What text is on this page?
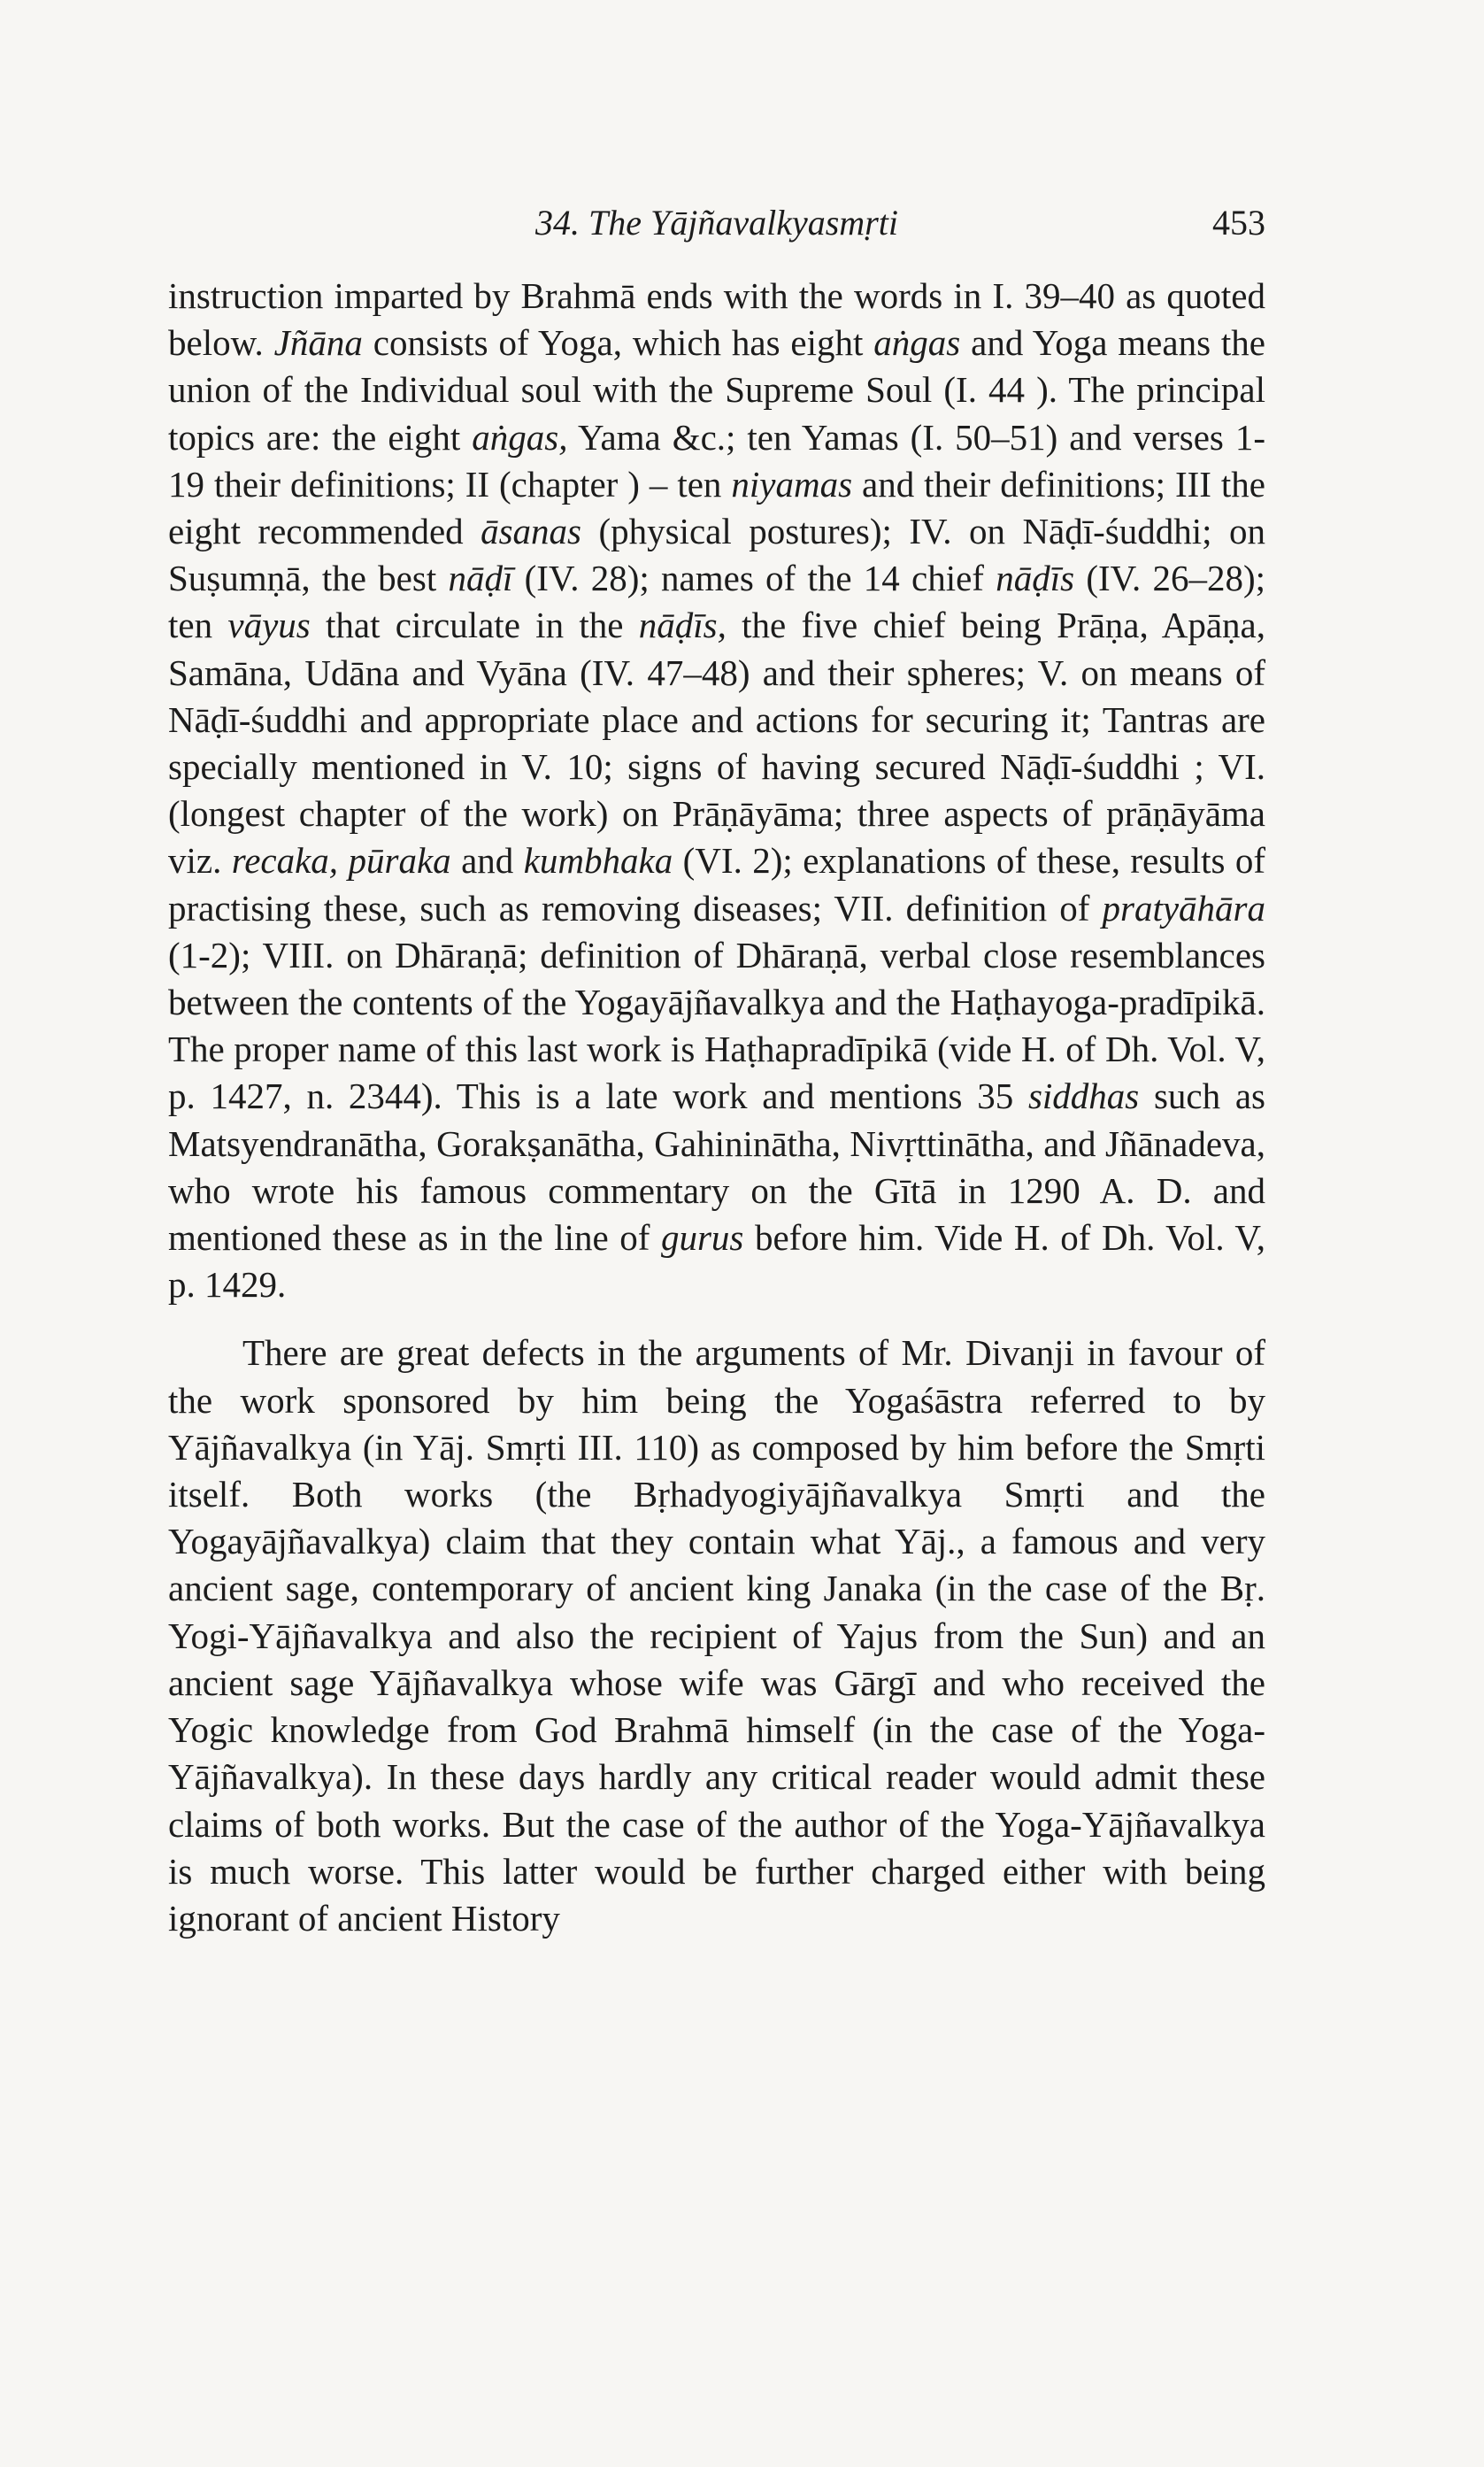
34. The Yājñavalkyasmṛti	453

instruction imparted by Brahmā ends with the words in I. 39–40 as quoted below. Jñāna consists of Yoga, which has eight aṅgas and Yoga means the union of the Individual soul with the Supreme Soul (I. 44 ). The principal topics are: the eight aṅgas, Yama &c.; ten Yamas (I. 50–51) and verses 1-19 their definitions; II (chapter ) – ten niyamas and their definitions; III the eight recommended āsanas (physical postures); IV. on Nāḍī-śuddhi; on Suṣumṇā, the best nāḍī (IV. 28); names of the 14 chief nāḍīs (IV. 26–28); ten vāyus that circulate in the nāḍīs, the five chief being Prāṇa, Apāṇa, Samāna, Udāna and Vyāna (IV. 47–48) and their spheres; V. on means of Nāḍī-śuddhi and appropriate place and actions for securing it; Tantras are specially mentioned in V. 10; signs of having secured Nāḍī-śuddhi ; VI. (longest chapter of the work) on Prāṇāyāma; three aspects of prāṇāyāma viz. recaka, pūraka and kumbhaka (VI. 2); explanations of these, results of practising these, such as removing diseases; VII. definition of pratyāhāra (1-2); VIII. on Dhāraṇā; definition of Dhāraṇā, verbal close resemblances between the contents of the Yogayājñavalkya and the Haṭhayoga-pradīpikā. The proper name of this last work is Haṭhapradīpikā (vide H. of Dh. Vol. V, p. 1427, n. 2344). This is a late work and mentions 35 siddhas such as Matsyendranātha, Gorakṣanātha, Gahininātha, Nivṛttinātha, and Jñānadeva, who wrote his famous commentary on the Gītā in 1290 A. D. and mentioned these as in the line of gurus before him. Vide H. of Dh. Vol. V, p. 1429.

There are great defects in the arguments of Mr. Divanji in favour of the work sponsored by him being the Yogaśāstra referred to by Yājñavalkya (in Yāj. Smṛti III. 110) as composed by him before the Smṛti itself. Both works (the Bṛhadyogiyājñavalkya Smṛti and the Yogayājñavalkya) claim that they contain what Yāj., a famous and very ancient sage, contemporary of ancient king Janaka (in the case of the Bṛ. Yogi-Yājñavalkya and also the recipient of Yajus from the Sun) and an ancient sage Yājñavalkya whose wife was Gārgī and who received the Yogic knowledge from God Brahmā himself (in the case of the Yoga-Yājñavalkya). In these days hardly any critical reader would admit these claims of both works. But the case of the author of the Yoga-Yājñavalkya is much worse. This latter would be further charged either with being ignorant of ancient History
